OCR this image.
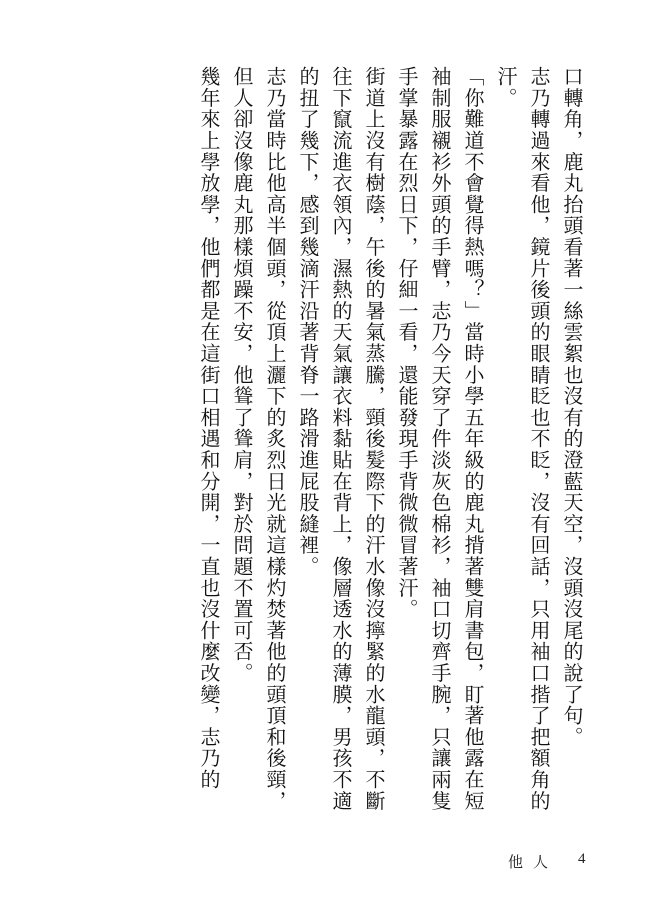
口轉角，鹿丸抬頭看著一絲雲絮也沒有的澄藍天空，沒頭沒尾的說了句。

志乃轉過來看他，鏡片後頭的眼睛眨也不眨，沒有回話，只用袖口揩了把額角的汗。

「你難道不會覺得熱嗎？」當時小學五年級的鹿丸揹著雙肩書包，盯著他露在短袖制服襯衫外頭的手臂，志乃今天穿了件淡灰色棉衫，袖口切齊手腕，只讓兩隻手掌暴露在烈日下，仔細一看，還能發現手背微微冒著汗。

街道上沒有樹蔭，午後的暑氣蒸騰，頸後髮際下的汗水像沒擰緊的水龍頭，不斷往下竄流進衣領內，濕熱的天氣讓衣料黏貼在背上，像層透水的薄膜，男孩不適的扭了幾下，感到幾滴汗沿著背脊一路滑進屁股縫裡。

志乃當時比他高半個頭，從頂上灑下的炙烈日光就這樣灼焚著他的頭頂和後頸，但人卻沒像鹿丸那樣煩躁不安，他聳了聳肩，對於問題不置可否。

幾年來上學放學，他們都是在這街口相遇和分開，一直也沒什麼改變，志乃的

他人 4
